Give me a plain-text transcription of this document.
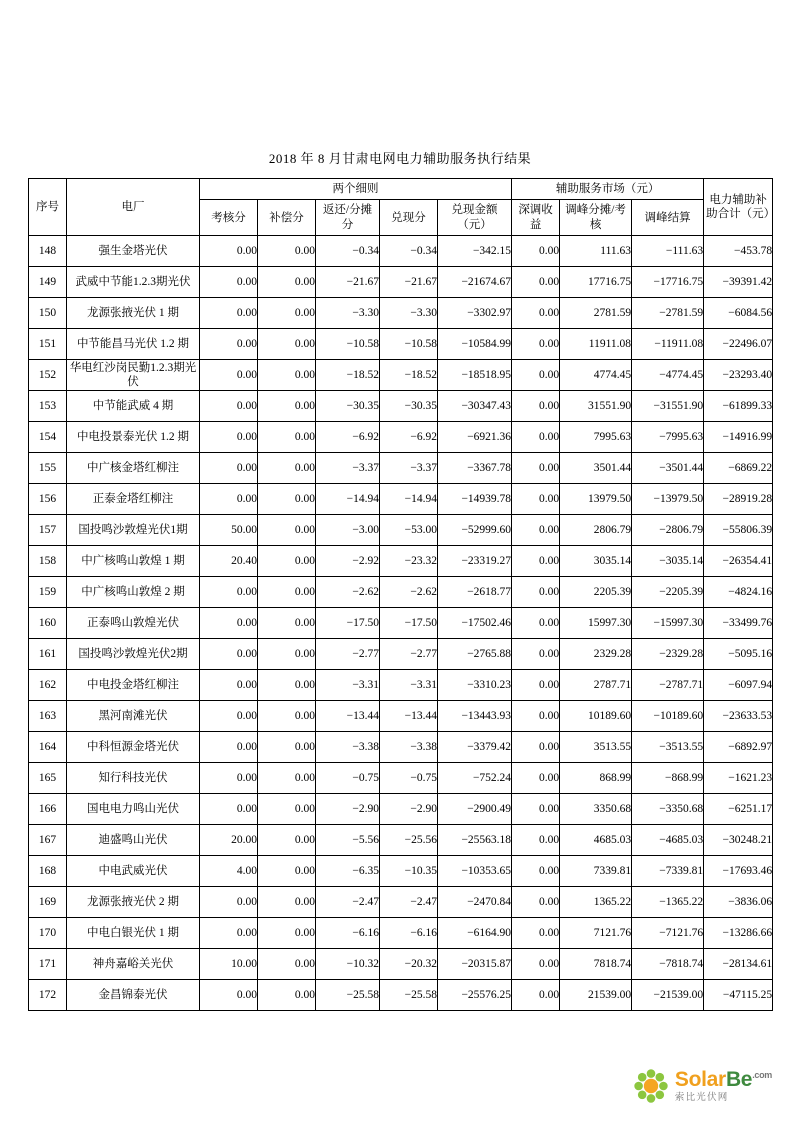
2018 年 8 月甘肃电网电力辅助服务执行结果
序号	电厂	两个细则					辅助服务市场（元）			电力辅助补助合计（元）
		考核分	补偿分	返还/分摊分	兑现分	兑现金额（元）	深调收益	调峰分摊/考核	调峰结算	
148	强生金塔光伏	0.00	0.00	−0.34	−0.34	−342.15	0.00	111.63	−111.63	−453.78
149	武威中节能1.2.3期光伏	0.00	0.00	−21.67	−21.67	−21674.67	0.00	17716.75	−17716.75	−39391.42
150	龙源张掖光伏 1 期	0.00	0.00	−3.30	−3.30	−3302.97	0.00	2781.59	−2781.59	−6084.56
151	中节能昌马光伏 1.2 期	0.00	0.00	−10.58	−10.58	−10584.99	0.00	11911.08	−11911.08	−22496.07
152	华电红沙岗民勤1.2.3期光伏	0.00	0.00	−18.52	−18.52	−18518.95	0.00	4774.45	−4774.45	−23293.40
153	中节能武威 4 期	0.00	0.00	−30.35	−30.35	−30347.43	0.00	31551.90	−31551.90	−61899.33
154	中电投景泰光伏 1.2 期	0.00	0.00	−6.92	−6.92	−6921.36	0.00	7995.63	−7995.63	−14916.99
155	中广核金塔红柳注	0.00	0.00	−3.37	−3.37	−3367.78	0.00	3501.44	−3501.44	−6869.22
156	正泰金塔红柳注	0.00	0.00	−14.94	−14.94	−14939.78	0.00	13979.50	−13979.50	−28919.28
157	国投鸣沙敦煌光伏1期	50.00	0.00	−3.00	−53.00	−52999.60	0.00	2806.79	−2806.79	−55806.39
158	中广核鸣山敦煌 1 期	20.40	0.00	−2.92	−23.32	−23319.27	0.00	3035.14	−3035.14	−26354.41
159	中广核鸣山敦煌 2 期	0.00	0.00	−2.62	−2.62	−2618.77	0.00	2205.39	−2205.39	−4824.16
160	正泰鸣山敦煌光伏	0.00	0.00	−17.50	−17.50	−17502.46	0.00	15997.30	−15997.30	−33499.76
161	国投鸣沙敦煌光伏2期	0.00	0.00	−2.77	−2.77	−2765.88	0.00	2329.28	−2329.28	−5095.16
162	中电投金塔红柳注	0.00	0.00	−3.31	−3.31	−3310.23	0.00	2787.71	−2787.71	−6097.94
163	黑河南滩光伏	0.00	0.00	−13.44	−13.44	−13443.93	0.00	10189.60	−10189.60	−23633.53
164	中科恒源金塔光伏	0.00	0.00	−3.38	−3.38	−3379.42	0.00	3513.55	−3513.55	−6892.97
165	知行科技光伏	0.00	0.00	−0.75	−0.75	−752.24	0.00	868.99	−868.99	−1621.23
166	国电电力鸣山光伏	0.00	0.00	−2.90	−2.90	−2900.49	0.00	3350.68	−3350.68	−6251.17
167	迪盛鸣山光伏	20.00	0.00	−5.56	−25.56	−25563.18	0.00	4685.03	−4685.03	−30248.21
168	中电武威光伏	4.00	0.00	−6.35	−10.35	−10353.65	0.00	7339.81	−7339.81	−17693.46
169	龙源张掖光伏 2 期	0.00	0.00	−2.47	−2.47	−2470.84	0.00	1365.22	−1365.22	−3836.06
170	中电白银光伏 1 期	0.00	0.00	−6.16	−6.16	−6164.90	0.00	7121.76	−7121.76	−13286.66
171	神舟嘉峪关光伏	10.00	0.00	−10.32	−20.32	−20315.87	0.00	7818.74	−7818.74	−28134.61
172	金昌锦泰光伏	0.00	0.00	−25.58	−25.58	−25576.25	0.00	21539.00	−21539.00	−47115.25
SolarBe$^{.com}$
索比光伏网
